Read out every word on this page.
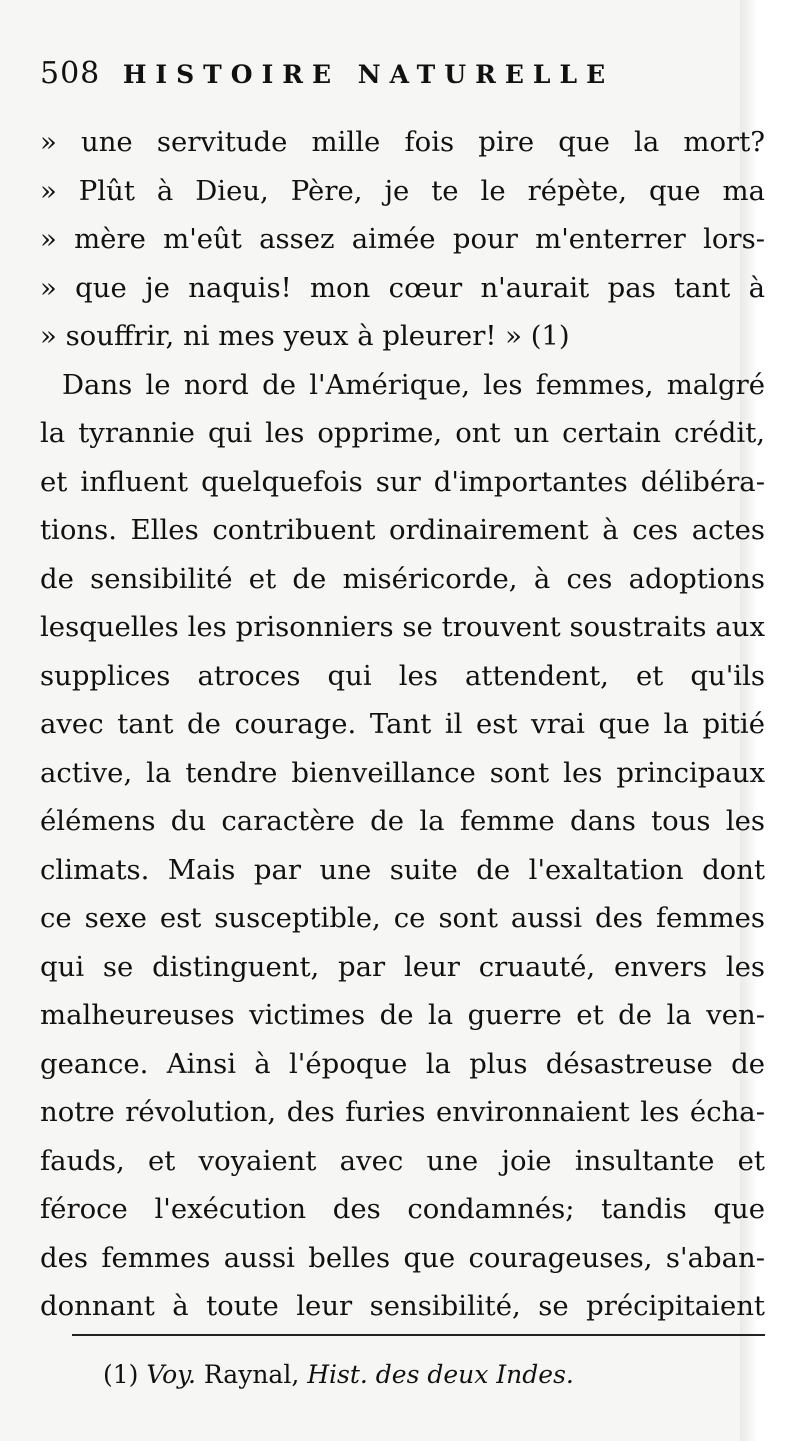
508 HISTOIRE NATURELLE
» une servitude mille fois pire que la mort?
» Plût à Dieu, Père, je te le répète, que ma
» mère m'eût assez aimée pour m'enterrer lors-
» que je naquis! mon cœur n'aurait pas tant à
» souffrir, ni mes yeux à pleurer! » (1)
Dans le nord de l'Amérique, les femmes, malgré
la tyrannie qui les opprime, ont un certain crédit,
et influent quelquefois sur d'importantes délibéra-
tions. Elles contribuent ordinairement à ces actes
de sensibilité et de miséricorde, à ces adoptions
lesquelles les prisonniers se trouvent soustraits aux
supplices atroces qui les attendent, et qu'ils
avec tant de courage. Tant il est vrai que la pitié
active, la tendre bienveillance sont les principaux
élémens du caractère de la femme dans tous les
climats. Mais par une suite de l'exaltation dont
ce sexe est susceptible, ce sont aussi des femmes
qui se distinguent, par leur cruauté, envers les
malheureuses victimes de la guerre et de la ven-
geance. Ainsi à l'époque la plus désastreuse de
notre révolution, des furies environnaient les écha-
fauds, et voyaient avec une joie insultante et
féroce l'exécution des condamnés; tandis que
des femmes aussi belles que courageuses, s'aban-
donnant à toute leur sensibilité, se précipitaient
(1) Voy. Raynal, Hist. des deux Indes.
